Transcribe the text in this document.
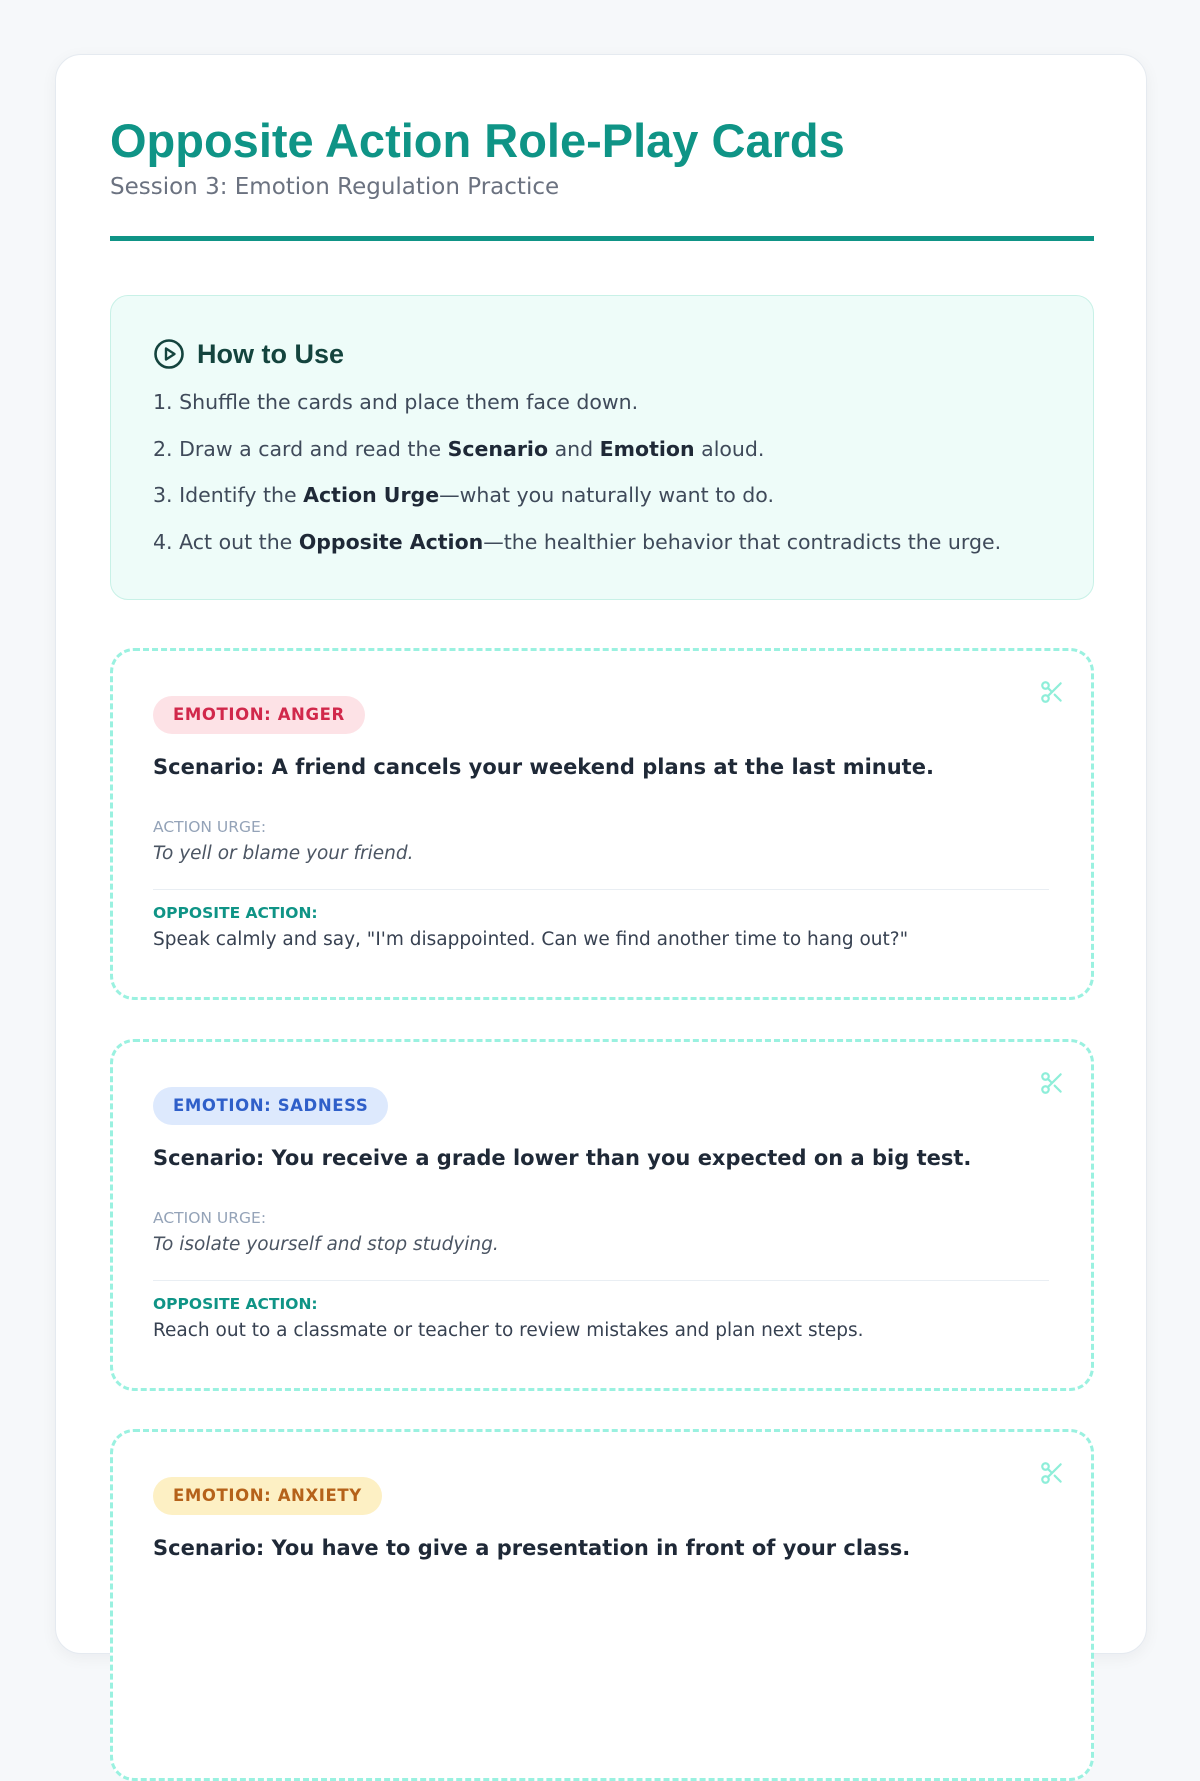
Opposite Action Role-Play Cards
Session 3: Emotion Regulation Practice
How to Use
1. Shuffle the cards and place them face down.
2. Draw a card and read the Scenario and Emotion aloud.
3. Identify the Action Urge—what you naturally want to do.
4. Act out the Opposite Action—the healthier behavior that contradicts the urge.
EMOTION: ANGER
Scenario: A friend cancels your weekend plans at the last minute.
ACTION URGE:
To yell or blame your friend.
OPPOSITE ACTION:
Speak calmly and say, "I'm disappointed. Can we find another time to hang out?"
EMOTION: SADNESS
Scenario: You receive a grade lower than you expected on a big test.
ACTION URGE:
To isolate yourself and stop studying.
OPPOSITE ACTION:
Reach out to a classmate or teacher to review mistakes and plan next steps.
EMOTION: ANXIETY
Scenario: You have to give a presentation in front of your class.
